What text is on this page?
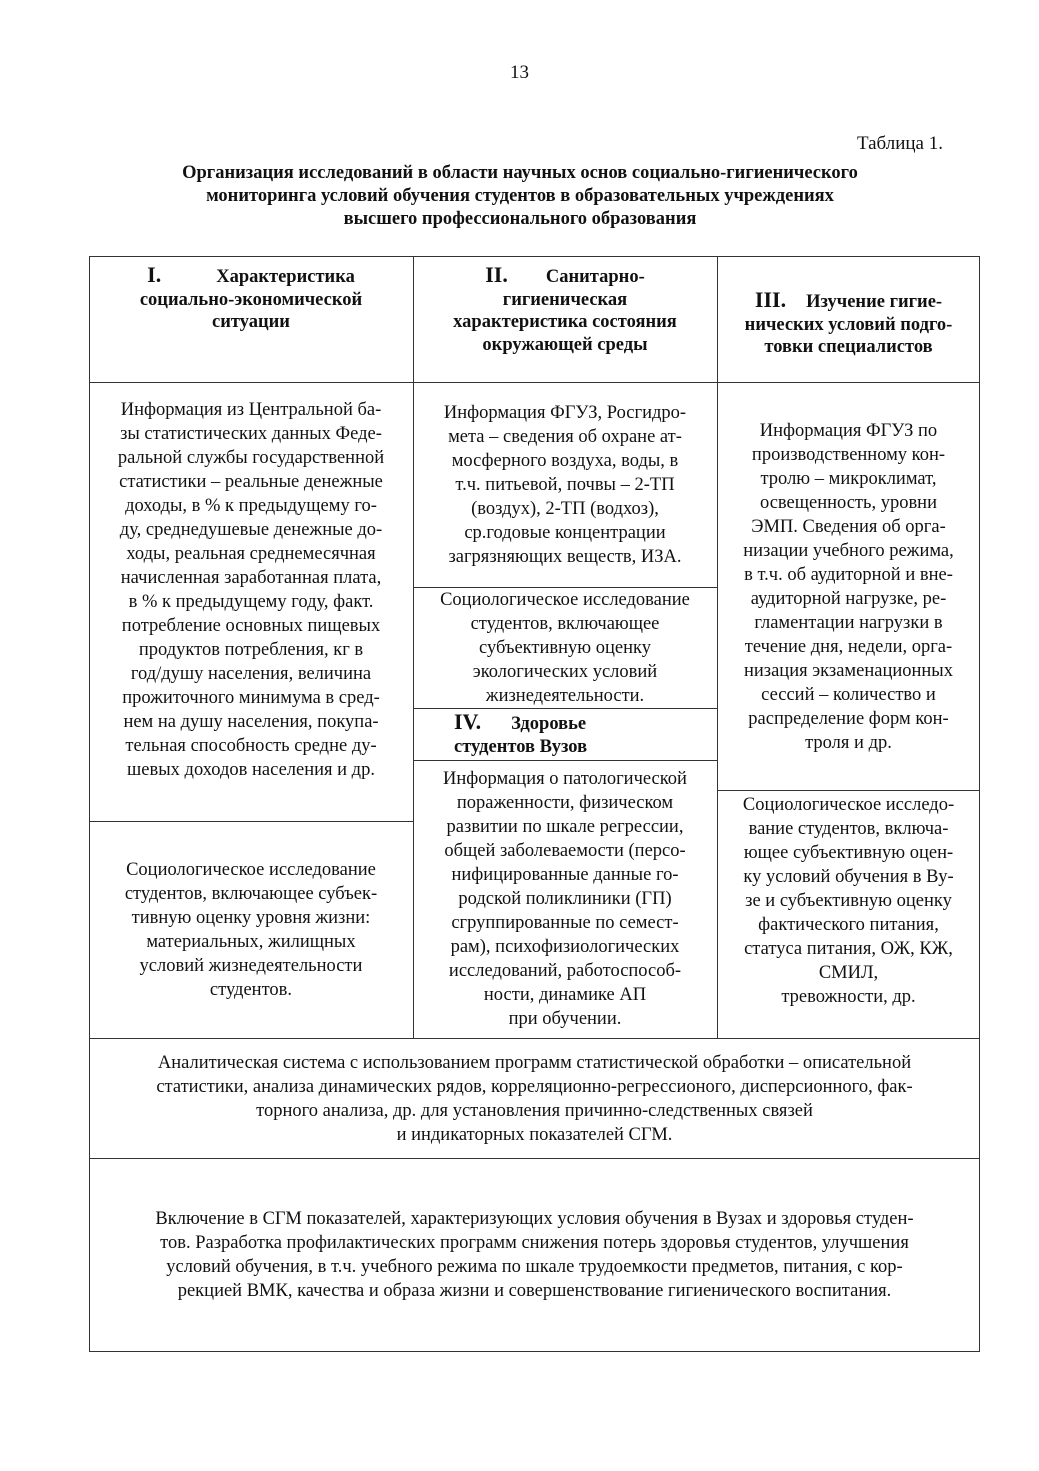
13
Таблица 1.
Организация исследований в области научных основ социально-гигиенического
мониторинга условий обучения студентов в образовательных учреждениях
высшего профессионального образования
I.	Характеристика
социально-экономической
ситуации
II. Санитарно-
гигиеническая
характеристика состояния
окружающей среды
III. Изучение гигие-
нических условий подго-
товки специалистов
Информация из Центральной ба-
зы статистических данных Феде-
ральной службы государственной
статистики – реальные денежные
доходы, в % к предыдущему го-
ду, среднедушевые денежные до-
ходы, реальная среднемесячная
начисленная заработанная плата,
в % к предыдущему году, факт.
потребление основных пищевых
продуктов потребления, кг в
год/душу населения, величина
прожиточного минимума в сред-
нем на душу населения, покупа-
тельная способность средне ду-
шевых доходов населения и др.
Социологическое исследование
студентов, включающее субъек-
тивную оценку уровня жизни:
материальных, жилищных
условий жизнедеятельности
студентов.
Информация ФГУЗ, Росгидро-
мета – сведения об охране ат-
мосферного воздуха, воды, в
т.ч. питьевой, почвы – 2-ТП
(воздух), 2-ТП (водхоз),
ср.годовые концентрации
загрязняющих веществ, ИЗА.
Социологическое исследование
студентов, включающее
субъективную оценку
экологических условий
жизнедеятельности.
IV. Здоровье
студентов Вузов
Информация о патологической
пораженности, физическом
развитии по шкале регрессии,
общей заболеваемости (персо-
нифицированные данные го-
родской поликлиники (ГП)
сгруппированные по семест-
рам), психофизиологических
исследований, работоспособ-
ности, динамике АП
при обучении.
Информация ФГУЗ по
производственному кон-
тролю – микроклимат,
освещенность, уровни
ЭМП. Сведения об орга-
низации учебного режима,
в т.ч. об аудиторной и вне-
аудиторной нагрузке, ре-
гламентации нагрузки в
течение дня, недели, орга-
низация экзаменационных
сессий – количество и
распределение форм кон-
троля и др.
Социологическое исследо-
вание студентов, включа-
ющее субъективную оцен-
ку условий обучения в Ву-
зе и субъективную оценку
фактического питания,
статуса питания, ОЖ, КЖ,
СМИЛ,
тревожности, др.
Аналитическая система с использованием программ статистической обработки – описательной
статистики, анализа динамических рядов, корреляционно-регрессионого, дисперсионного, фак-
торного анализа, др. для установления причинно-следственных связей
и индикаторных показателей СГМ.
Включение в СГМ показателей, характеризующих условия обучения в Вузах и здоровья студен-
тов. Разработка профилактических программ снижения потерь здоровья студентов, улучшения
условий обучения, в т.ч. учебного режима по шкале трудоемкости предметов, питания, с кор-
рекцией ВМК, качества и образа жизни и совершенствование гигиенического воспитания.
